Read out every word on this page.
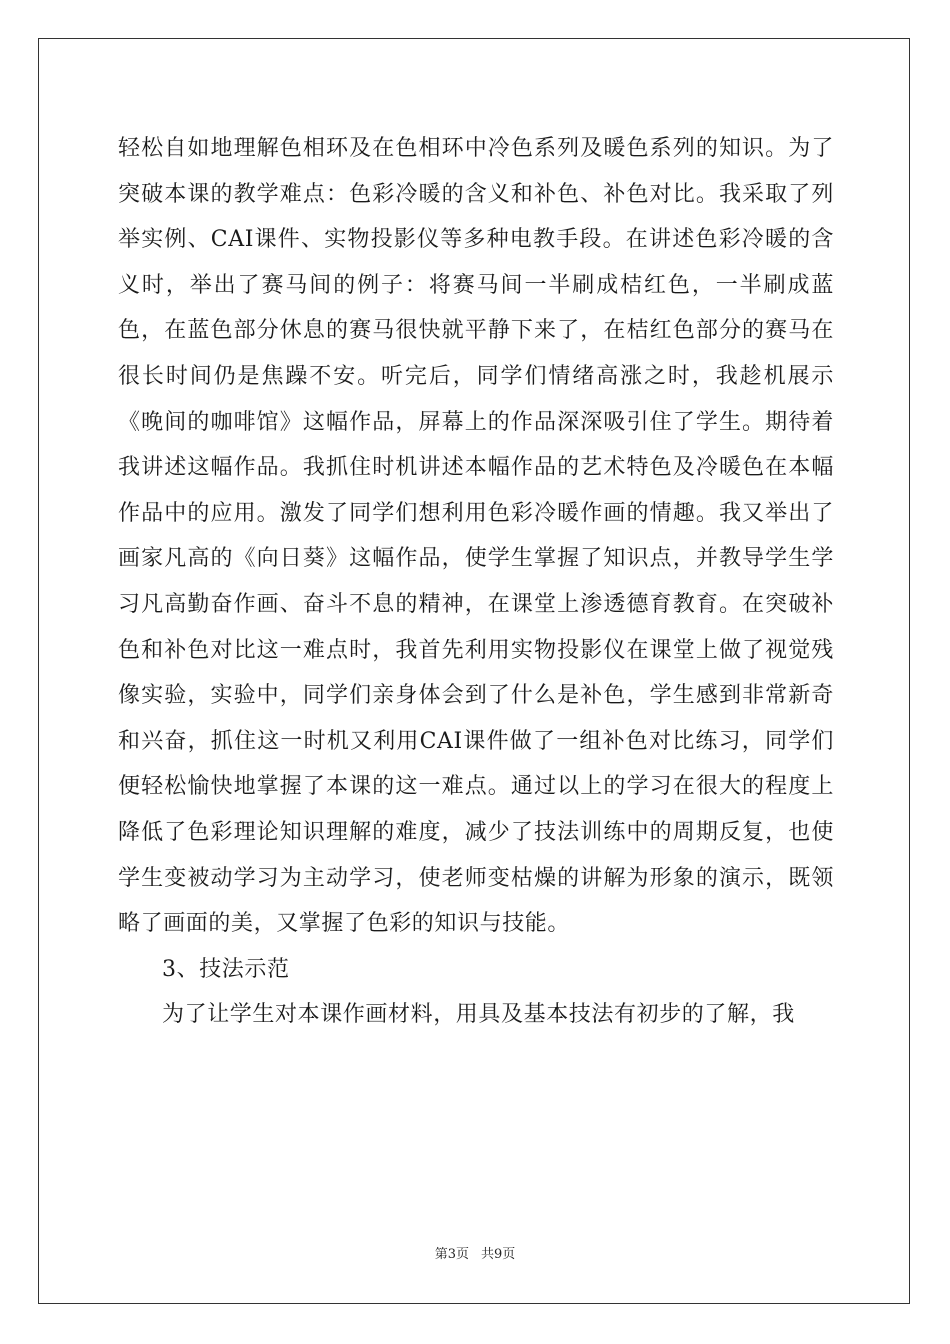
轻松自如地理解色相环及在色相环中冷色系列及暖色系列的知识。为了突破本课的教学难点：色彩冷暖的含义和补色、补色对比。我采取了列举实例、CAI课件、实物投影仪等多种电教手段。在讲述色彩冷暖的含义时，举出了赛马间的例子：将赛马间一半刷成桔红色，一半刷成蓝色，在蓝色部分休息的赛马很快就平静下来了，在桔红色部分的赛马在很长时间仍是焦躁不安。听完后，同学们情绪高涨之时，我趁机展示《晚间的咖啡馆》这幅作品，屏幕上的作品深深吸引住了学生。期待着我讲述这幅作品。我抓住时机讲述本幅作品的艺术特色及冷暖色在本幅作品中的应用。激发了同学们想利用色彩冷暖作画的情趣。我又举出了画家凡高的《向日葵》这幅作品，使学生掌握了知识点，并教导学生学习凡高勤奋作画、奋斗不息的精神，在课堂上渗透德育教育。在突破补色和补色对比这一难点时，我首先利用实物投影仪在课堂上做了视觉残像实验，实验中，同学们亲身体会到了什么是补色，学生感到非常新奇和兴奋，抓住这一时机又利用CAI课件做了一组补色对比练习，同学们便轻松愉快地掌握了本课的这一难点。通过以上的学习在很大的程度上降低了色彩理论知识理解的难度，减少了技法训练中的周期反复，也使学生变被动学习为主动学习，使老师变枯燥的讲解为形象的演示，既领略了画面的美，又掌握了色彩的知识与技能。

3、技法示范

为了让学生对本课作画材料，用具及基本技法有初步的了解，我

第3页 共9页
